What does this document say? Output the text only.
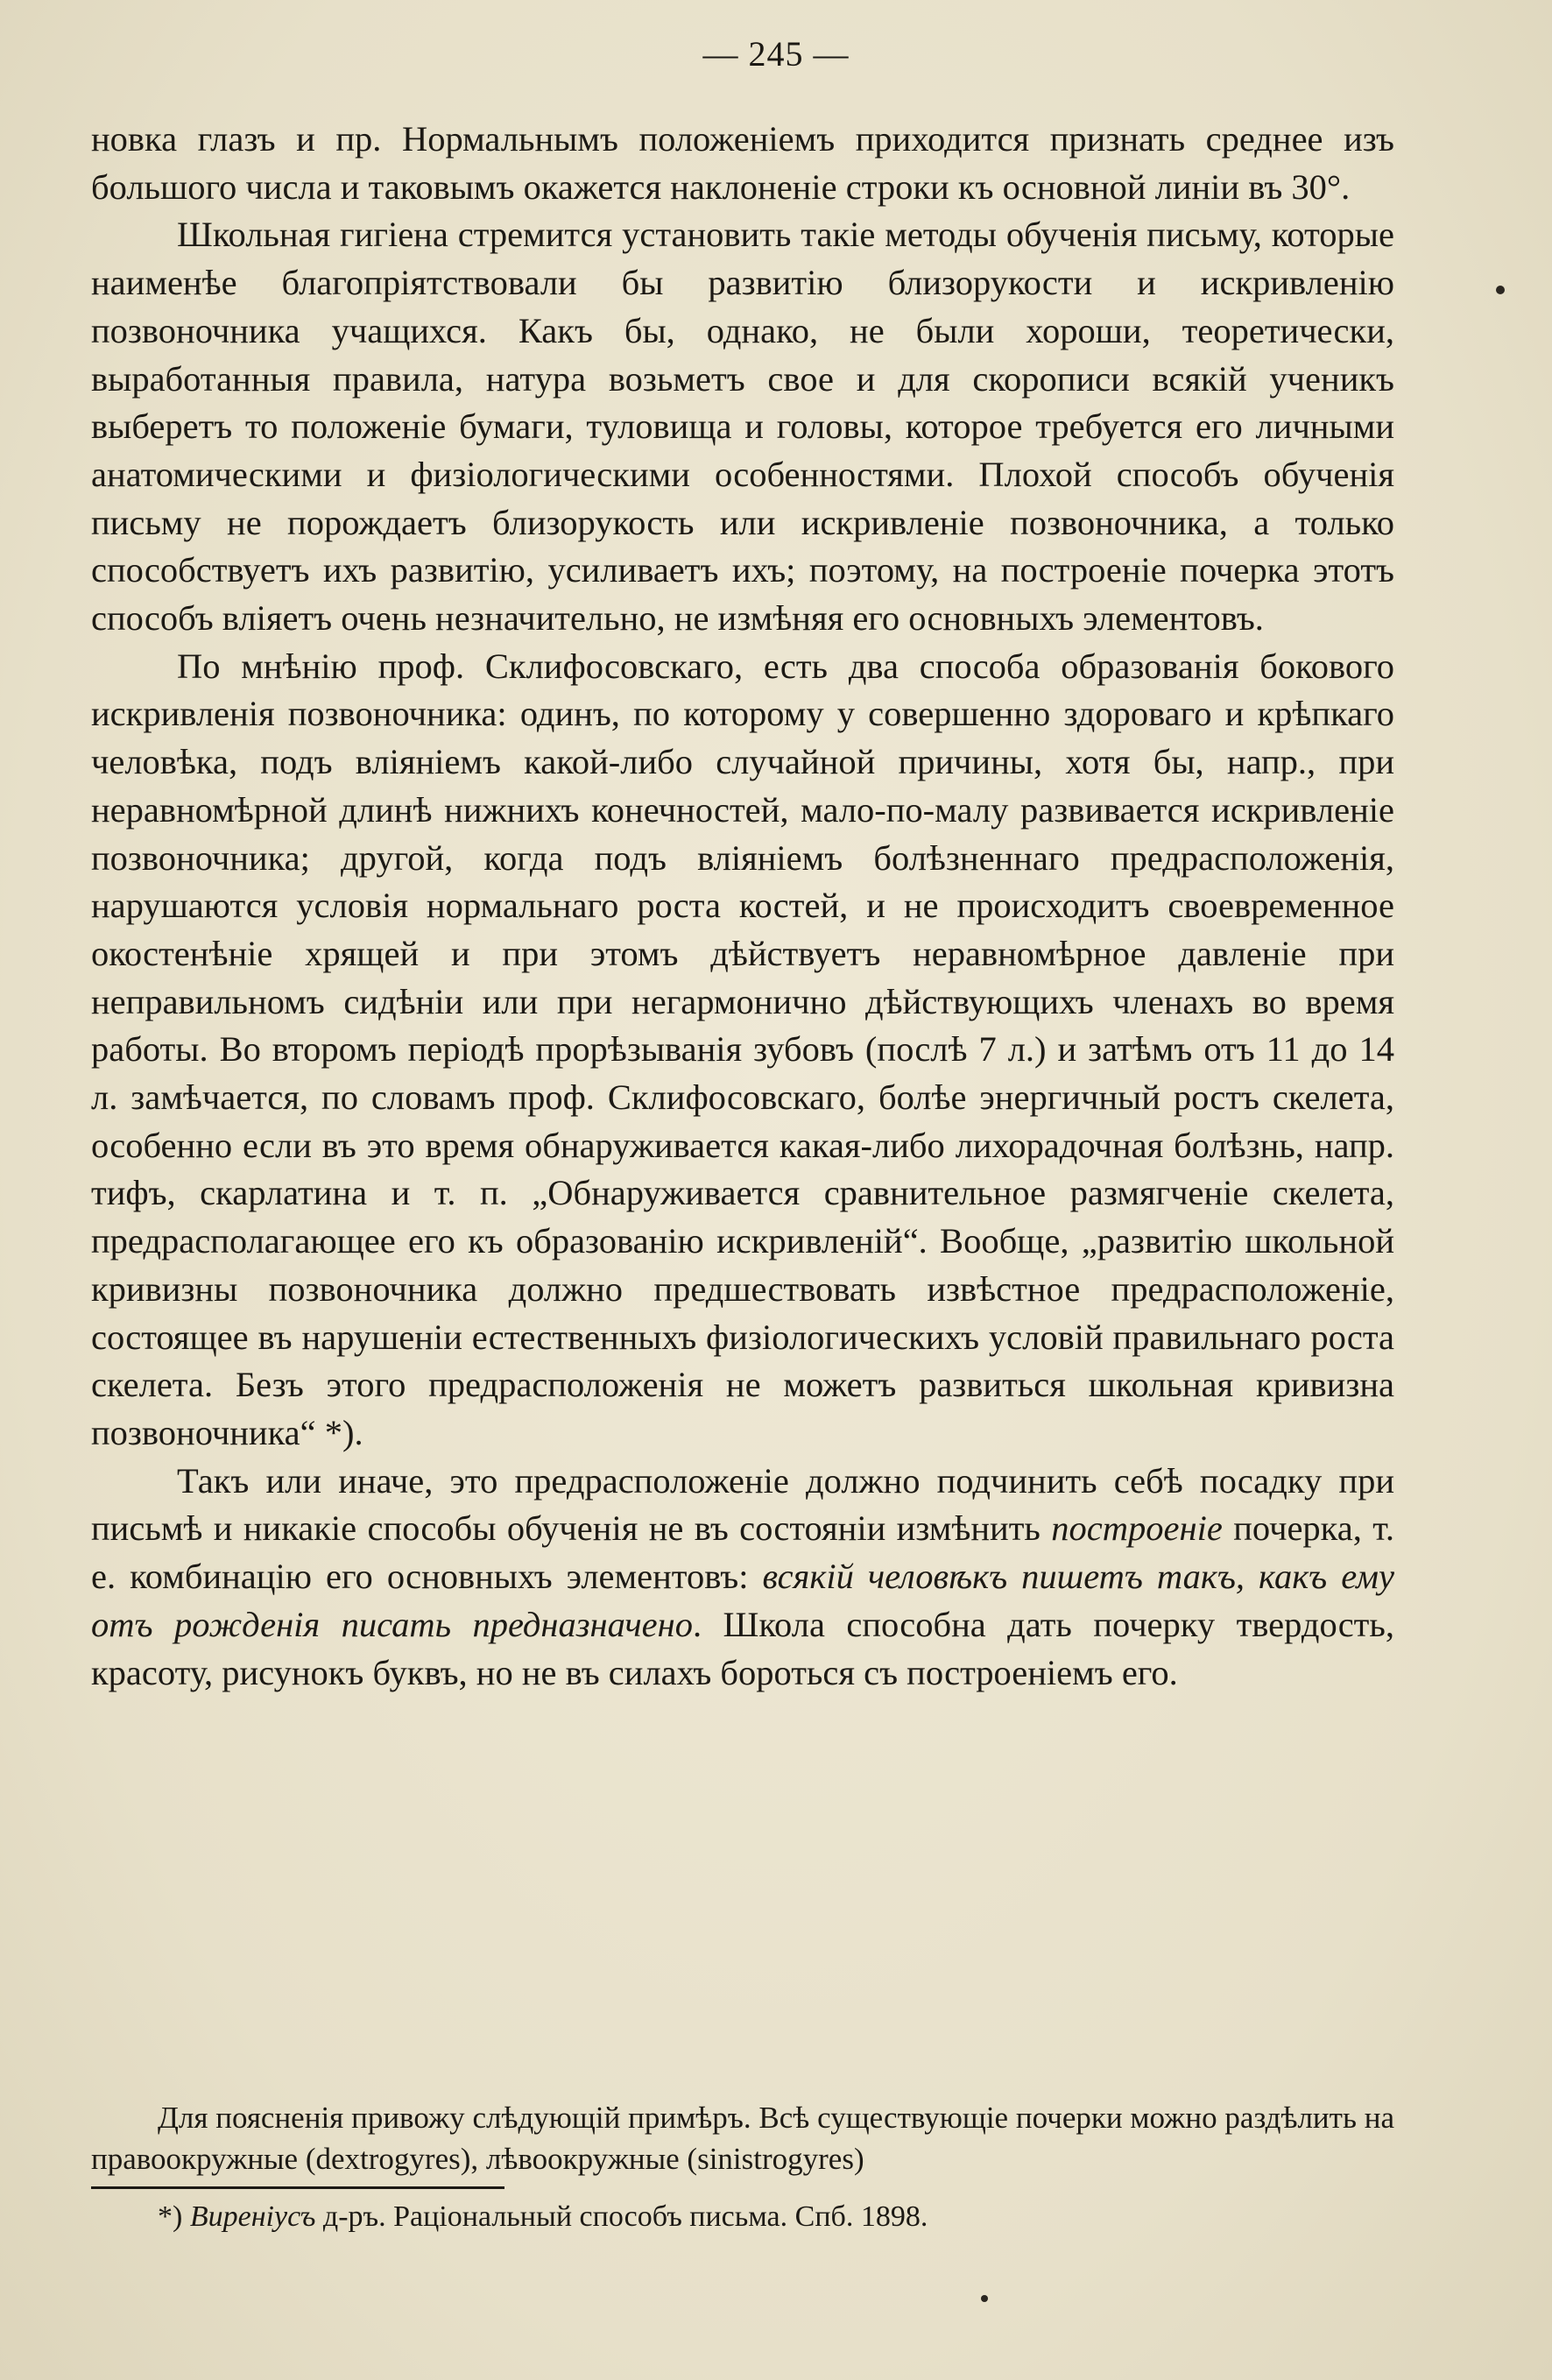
— 245 —

новка глазъ и пр. Нормальнымъ положенiемъ приходится признать среднее изъ большого числа и таковымъ окажется наклоненiе строки къ основной линiи въ 30°.

Школьная гигiена стремится установить такiе методы обученiя письму, которые наименѣе благопрiятствовали бы развитiю близорукости и искривленiю позвоночника учащихся. Какъ бы, однако, не были хороши, теоретически, выработанныя правила, натура возьметъ свое и для скорописи всякiй ученикъ выберетъ то положенiе бумаги, туловища и головы, которое требуется его личными анатомическими и физiологическими особенностями. Плохой способъ обученiя письму не порождаетъ близорукость или искривленiе позвоночника, а только способствуетъ ихъ развитiю, усиливаетъ ихъ; поэтому, на построенiе почерка этотъ способъ влiяетъ очень незначительно, не измѣняя его основныхъ элементовъ.

По мнѣнiю проф. Склифосовскаго, есть два способа образованiя бокового искривленiя позвоночника: одинъ, по которому у совершенно здороваго и крѣпкаго человѣка, подъ влiянiемъ какой-либо случайной причины, хотя бы, напр., при неравномѣрной длинѣ нижнихъ конечностей, мало-по-малу развивается искривленiе позвоночника; другой, когда подъ влiянiемъ болѣзненнаго предрасположенiя, нарушаются условiя нормальнаго роста костей, и не происходитъ своевременное окостенѣнiе хрящей и при этомъ дѣйствуетъ неравномѣрное давленiе при неправильномъ сидѣнiи или при негармонично дѣйствующихъ членахъ во время работы. Во второмъ перiодѣ прорѣзыванiя зубовъ (послѣ 7 л.) и затѣмъ отъ 11 до 14 л. замѣчается, по словамъ проф. Склифосовскаго, болѣе энергичный ростъ скелета, особенно если въ это время обнаруживается какая-либо лихорадочная болѣзнь, напр. тифъ, скарлатина и т. п. „Обнаруживается сравнительное размягченiе скелета, предрасполагающее его къ образованiю искривленiй“. Вообще, „развитiю школьной кривизны позвоночника должно предшествовать извѣстное предрасположенiе, состоящее въ нарушенiи естественныхъ физiологическихъ условiй правильнаго роста скелета. Безъ этого предрасположенiя не можетъ развиться школьная кривизна позвоночника“ *).

Такъ или иначе, это предрасположенiе должно подчинить себѣ посадку при письмѣ и никакiе способы обученiя не въ состоянiи измѣнить построенiе почерка, т. е. комбинацiю его основныхъ элементовъ: всякiй человѣкъ пишетъ такъ, какъ ему отъ рожденiя писать предназначено. Школа способна дать почерку твердость, красоту, рисунокъ буквъ, но не въ силахъ бороться съ построенiемъ его.

Для поясненiя привожу слѣдующiй примѣръ. Всѣ существующiе почерки можно раздѣлить на правоокружные (dextrogyres), лѣвоокружные (sinistrogyres)
*) Виренiусъ д-ръ. Рацiональный способъ письма. Спб. 1898.
